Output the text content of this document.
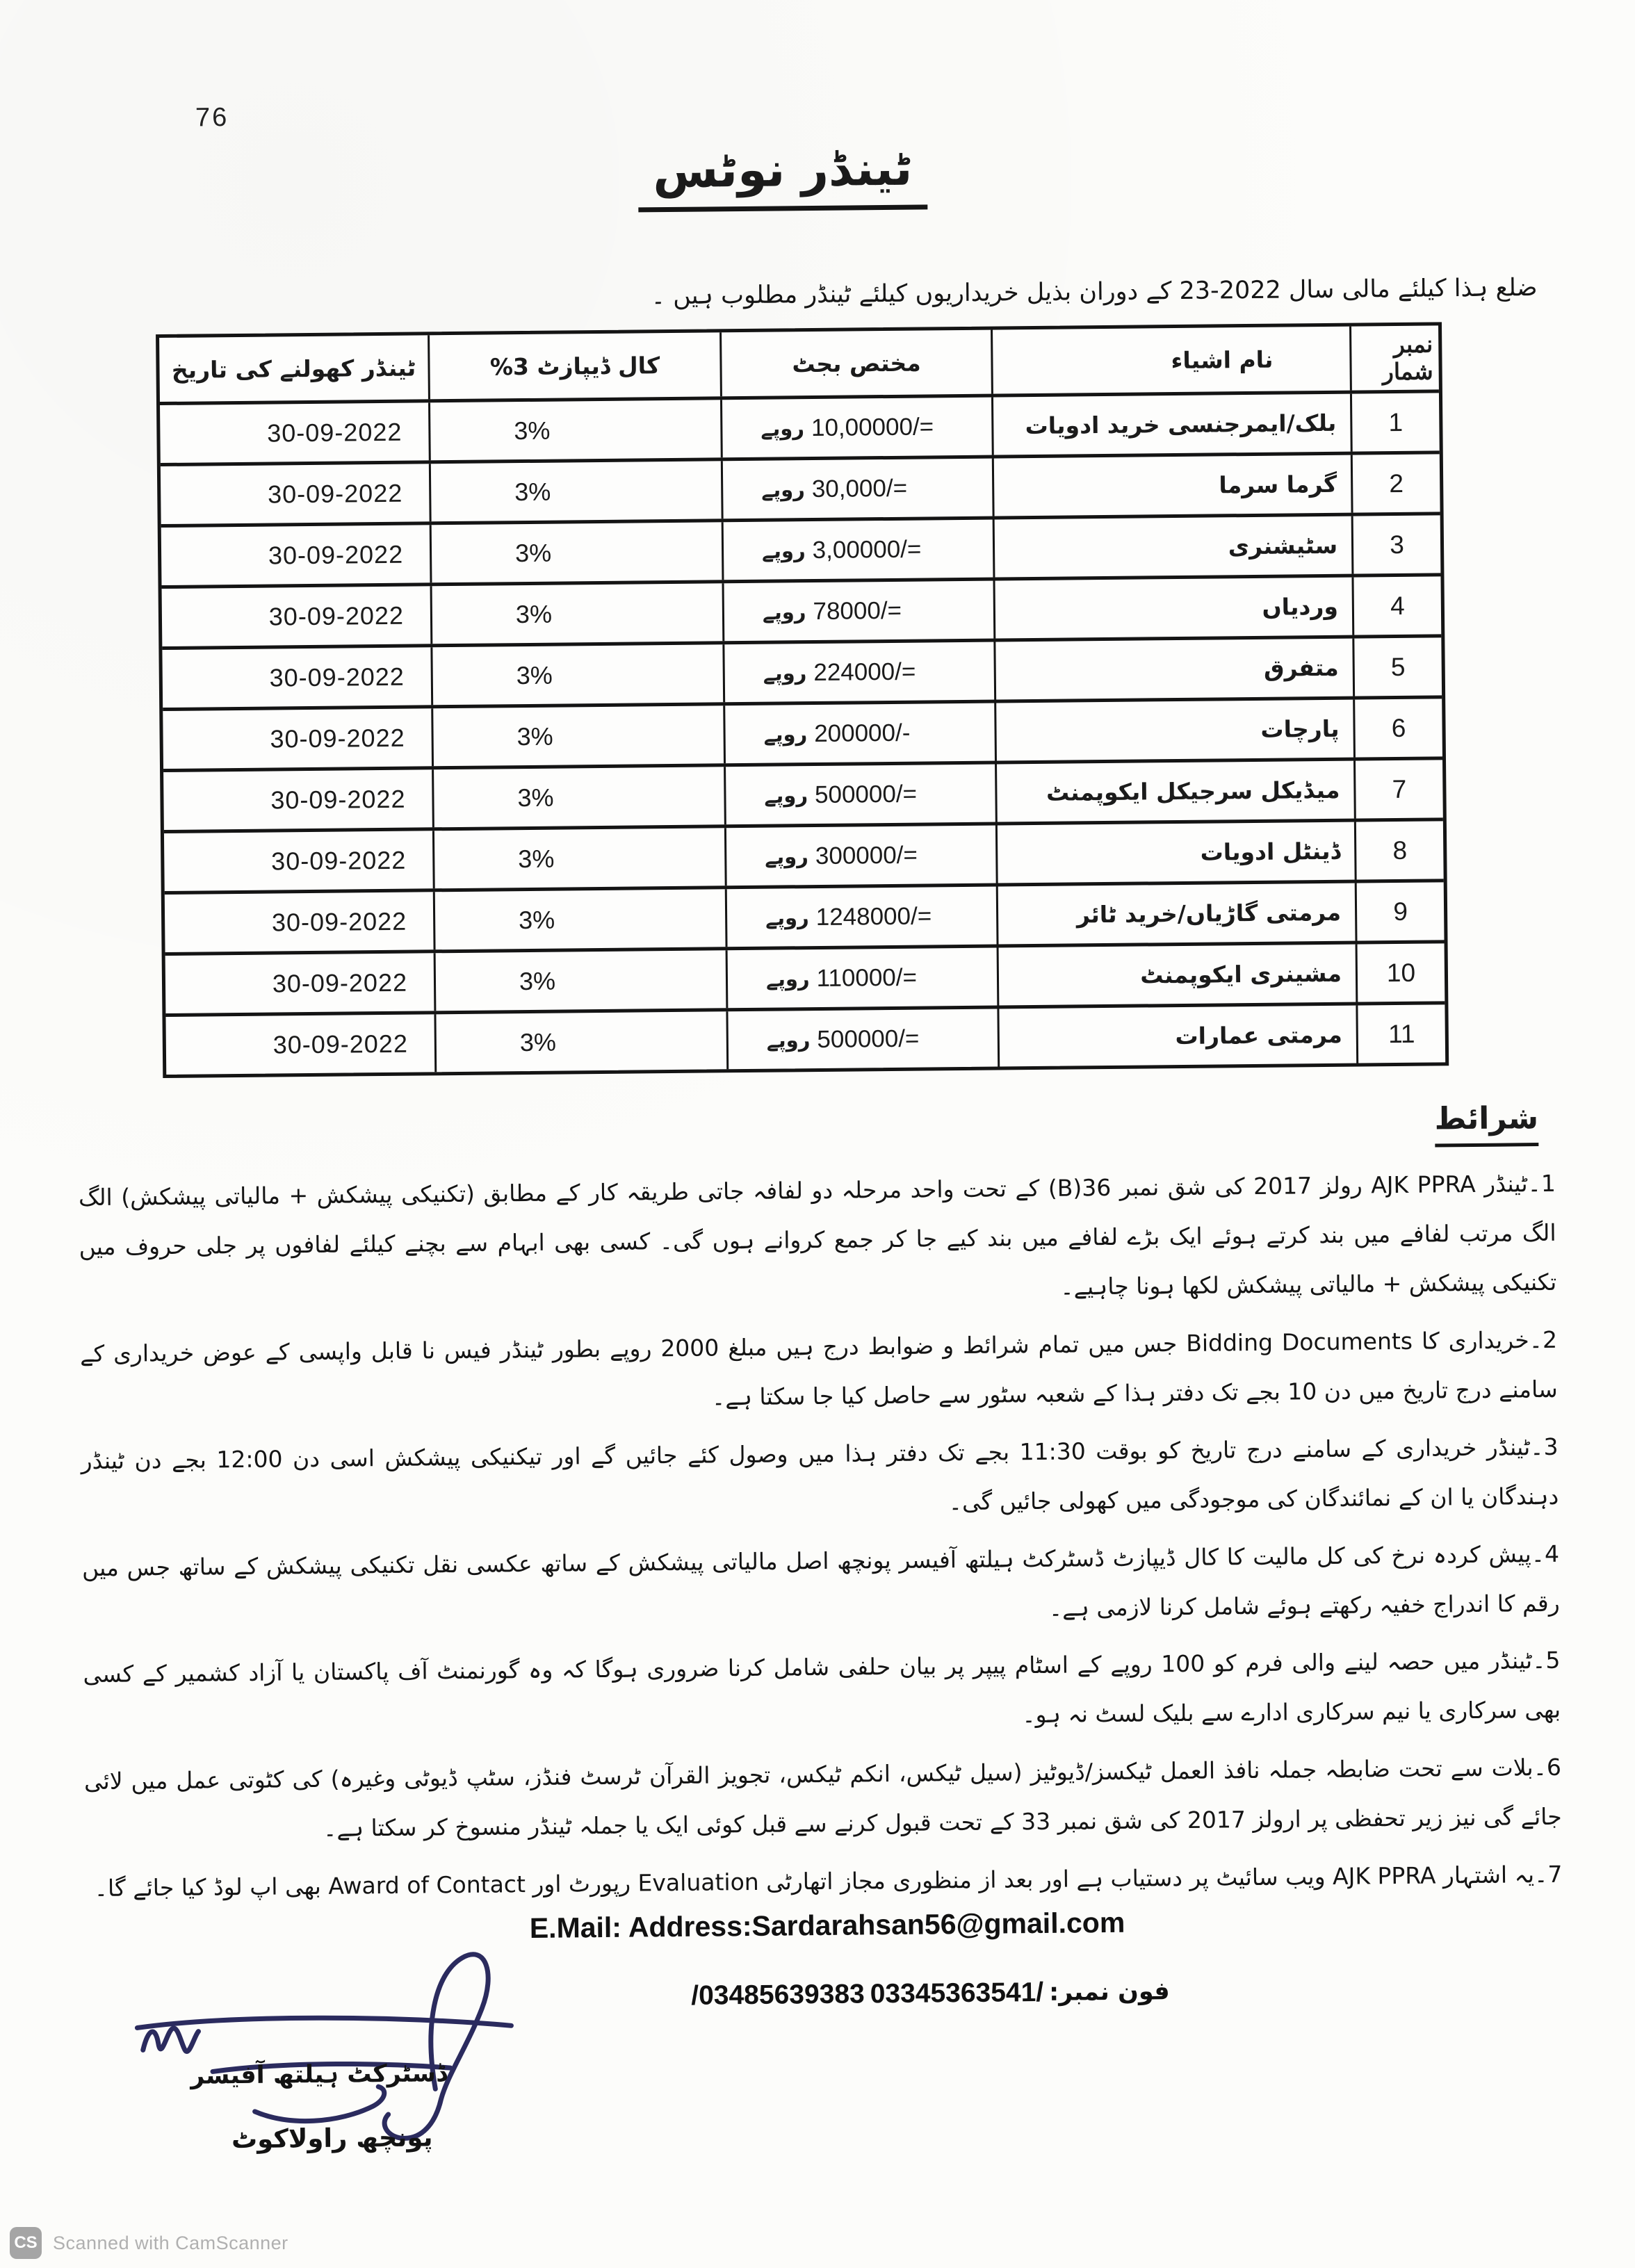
76
ٹینڈر نوٹس
ضلع ہذا کیلئے مالی سال 2022-23 کے دوران بذیل خریداریوں کیلئے ٹینڈر مطلوب ہیں ۔
نمبر شمار
نام اشیاء
مختص بجٹ
کال ڈیپازٹ 3%
ٹینڈر کھولنے کی تاریخ
1
بلک/ایمرجنسی خرید ادویات
10,00000/=
روپے
3%
30-09-2022
2
گرما سرما
30,000/=
روپے
3%
30-09-2022
3
سٹیشنری
3,00000/=
روپے
3%
30-09-2022
4
وردیاں
78000/=
روپے
3%
30-09-2022
5
متفرق
224000/=
روپے
3%
30-09-2022
6
پارچات
200000/-
روپے
3%
30-09-2022
7
میڈیکل سرجیکل ایکوپمنٹ
500000/=
روپے
3%
30-09-2022
8
ڈینٹل ادویات
300000/=
روپے
3%
30-09-2022
9
مرمتی گاڑیاں/خرید ٹائر
1248000/=
روپے
3%
30-09-2022
10
مشینری ایکوپمنٹ
110000/=
روپے
3%
30-09-2022
11
مرمتی عمارات
500000/=
روپے
3%
30-09-2022
شرائط

1۔ٹینڈر AJK PPRA رولز 2017 کی شق نمبر 36(B) کے تحت واحد مرحلہ دو لفافہ جاتی طریقہ کار کے مطابق (تکنیکی پیشکش + مالیاتی پیشکش) الگ الگ مرتب لفافے میں بند کرتے ہوئے ایک بڑے لفافے میں بند کیے جا کر جمع کروانے ہوں گی۔ کسی بھی ابہام سے بچنے کیلئے لفافوں پر جلی حروف میں تکنیکی پیشکش + مالیاتی پیشکش لکھا ہونا چاہیے۔

2۔خریداری کا Bidding Documents جس میں تمام شرائط و ضوابط درج ہیں مبلغ 2000 روپے بطور ٹینڈر فیس نا قابل واپسی کے عوض خریداری کے سامنے درج تاریخ میں دن 10 بجے تک دفتر ہذا کے شعبہ سٹور سے حاصل کیا جا سکتا ہے۔

3۔ٹینڈر خریداری کے سامنے درج تاریخ کو بوقت 11:30 بجے تک دفتر ہذا میں وصول کئے جائیں گے اور تیکنیکی پیشکش اسی دن 12:00 بجے دن ٹینڈر دہندگان یا ان کے نمائندگان کی موجودگی میں کھولی جائیں گی۔

4۔پیش کردہ نرخ کی کل مالیت کا کال ڈیپازٹ ڈسٹرکٹ ہیلتھ آفیسر پونچھ اصل مالیاتی پیشکش کے ساتھ عکسی نقل تکنیکی پیشکش کے ساتھ جس میں رقم کا اندراج خفیہ رکھتے ہوئے شامل کرنا لازمی ہے۔

5۔ٹینڈر میں حصہ لینے والی فرم کو 100 روپے کے اسٹام پیپر پر بیان حلفی شامل کرنا ضروری ہوگا کہ وہ گورنمنٹ آف پاکستان یا آزاد کشمیر کے کسی بھی سرکاری یا نیم سرکاری ادارے سے بلیک لسٹ نہ ہو۔

6۔بلات سے تحت ضابطہ جملہ نافذ العمل ٹیکسز/ڈیوٹیز (سیل ٹیکس، انکم ٹیکس، تجویز القرآن ٹرسٹ فنڈز، سٹپ ڈیوٹی وغیرہ) کی کٹوتی عمل میں لائی جائے گی نیز زیر تحفظی پر ارولز 2017 کی شق نمبر 33 کے تحت قبول کرنے سے قبل کوئی ایک یا جملہ ٹینڈر منسوخ کر سکتا ہے۔

7۔یہ اشتہار AJK PPRA ویب سائیٹ پر دستیاب ہے اور بعد از منظوری مجاز اتھارٹی Evaluation رپورٹ اور Award of Contact بھی اپ لوڈ کیا جائے گا۔

E.Mail: Address:Sardarahsan56@gmail.com
فون نمبر:
03345363541/
/03485639383
ڈسٹرکٹ ہیلتھ آفیسر
پونچھ راولاکوٹ
CS Scanned with CamScanner
